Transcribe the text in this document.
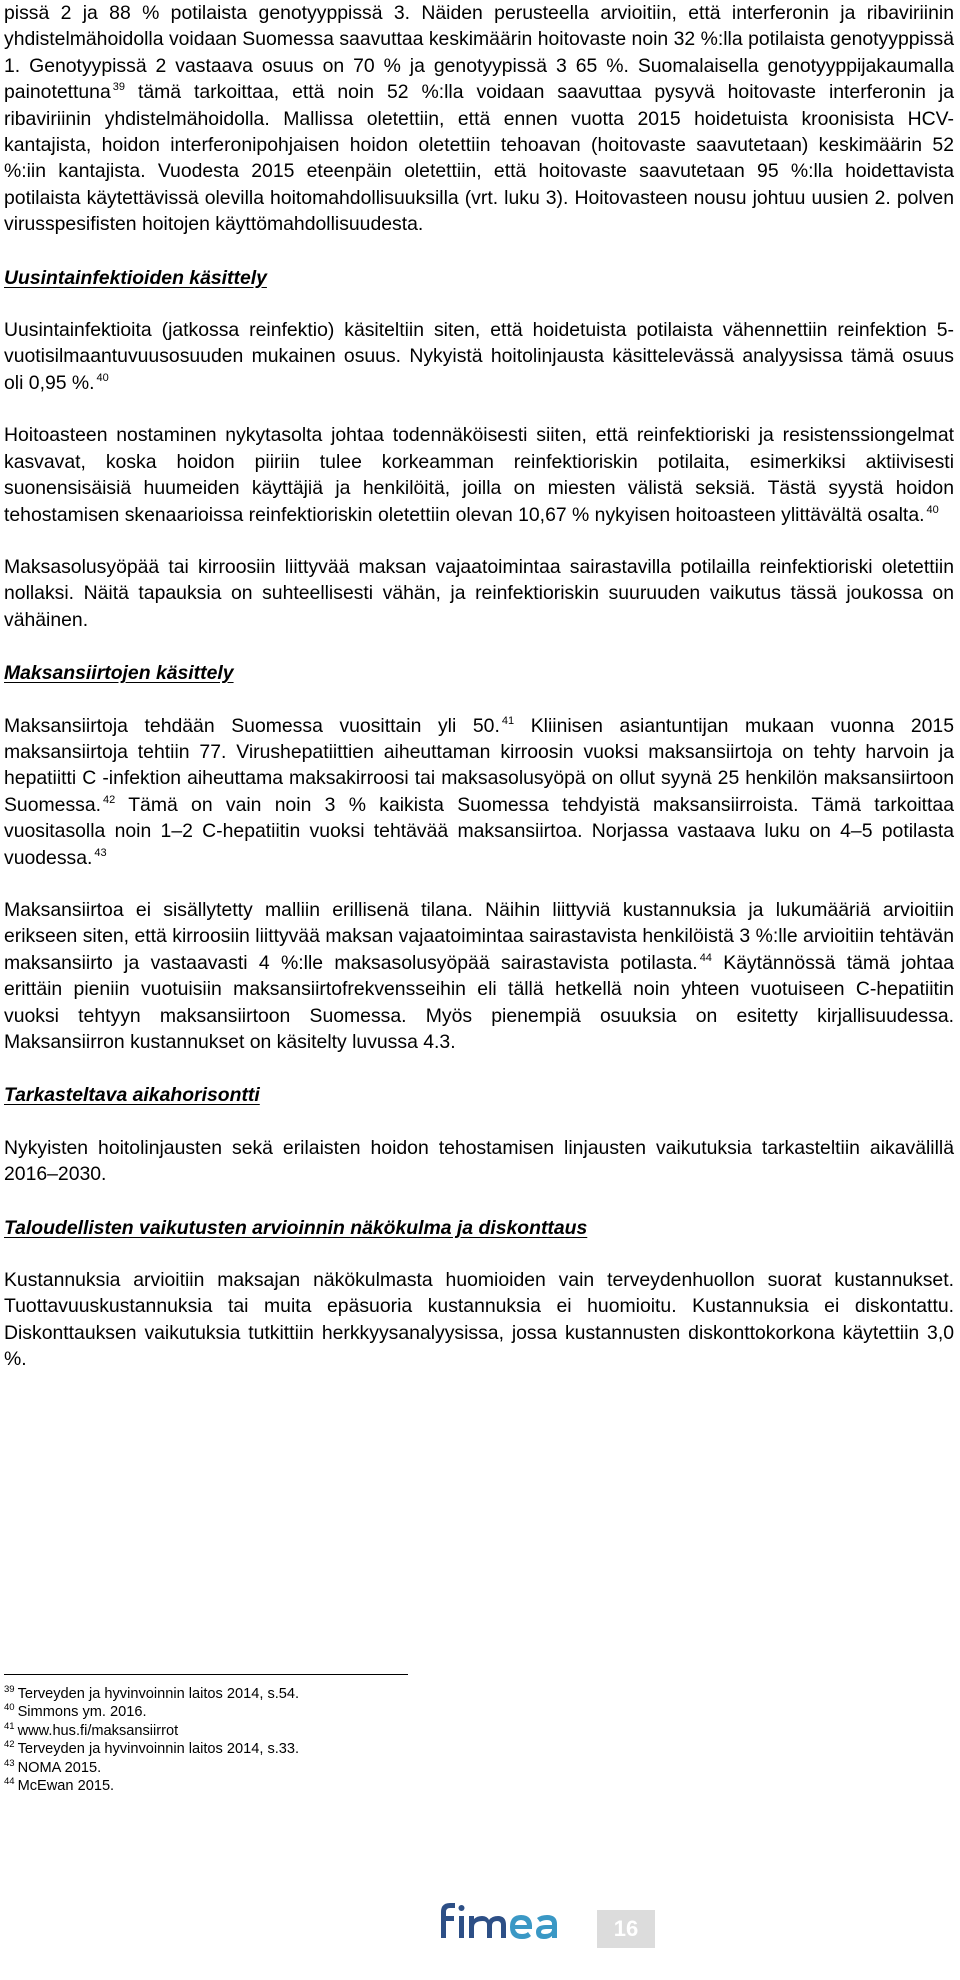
pissä 2 ja 88 % potilaista genotyyppissä 3. Näiden perusteella arvioitiin, että interferonin ja ribaviriinin yhdistelmähoidolla voidaan Suomessa saavuttaa keskimäärin hoitovaste noin 32 %:lla potilaista genotyyppissä 1. Genotyypissä 2 vastaava osuus on 70 % ja genotyypissä 3 65 %. Suomalaisella genotyyppijakaumalla painotettuna $^{39}$ tämä tarkoittaa, että noin 52 %:lla voidaan saavuttaa pysyvä hoitovaste interferonin ja ribaviriinin yhdistelmähoidolla. Mallissa oletettiin, että ennen vuotta 2015 hoidetuista kroonisista HCV-kantajista, hoidon interferonipohjaisen hoidon oletettiin tehoavan (hoitovaste saavutetaan) keskimäärin 52 %:iin kantajista. Vuodesta 2015 eteenpäin oletettiin, että hoitovaste saavutetaan 95 %:lla hoidettavista potilaista käytettävissä olevilla hoitomahdollisuuksilla (vrt. luku 3). Hoitovasteen nousu johtuu uusien 2. polven virusspesifisten hoitojen käyttömahdollisuudesta.

Uusintainfektioiden käsittely

Uusintainfektioita (jatkossa reinfektio) käsiteltiin siten, että hoidetuista potilaista vähennettiin reinfektion 5-vuotisilmaantuvuusosuuden mukainen osuus. Nykyistä hoitolinjausta käsittelevässä analyysissa tämä osuus oli 0,95 %. $^{40}$

Hoitoasteen nostaminen nykytasolta johtaa todennäköisesti siiten, että reinfektioriski ja resistenssiongelmat kasvavat, koska hoidon piiriin tulee korkeamman reinfektioriskin potilaita, esimerkiksi aktiivisesti suonensisäisiä huumeiden käyttäjiä ja henkilöitä, joilla on miesten välistä seksiä. Tästä syystä hoidon tehostamisen skenaarioissa reinfektioriskin oletettiin olevan 10,67 % nykyisen hoitoasteen ylittävältä osalta. $^{40}$

Maksasolusyöpää tai kirroosiin liittyvää maksan vajaatoimintaa sairastavilla potilailla reinfektioriski oletettiin nollaksi. Näitä tapauksia on suhteellisesti vähän, ja reinfektioriskin suuruuden vaikutus tässä joukossa on vähäinen.

Maksansiirtojen käsittely

Maksansiirtoja tehdään Suomessa vuosittain yli 50. $^{41}$ Kliinisen asiantuntijan mukaan vuonna 2015 maksansiirtoja tehtiin 77. Virushepatiittien aiheuttaman kirroosin vuoksi maksansiirtoja on tehty harvoin ja hepatiitti C -infektion aiheuttama maksakirroosi tai maksasolusyöpä on ollut syynä 25 henkilön maksansiirtoon Suomessa. $^{42}$ Tämä on vain noin 3 % kaikista Suomessa tehdyistä maksansiirroista. Tämä tarkoittaa vuositasolla noin 1–2 C-hepatiitin vuoksi tehtävää maksansiirtoa. Norjassa vastaava luku on 4–5 potilasta vuodessa. $^{43}$

Maksansiirtoa ei sisällytetty malliin erillisenä tilana. Näihin liittyviä kustannuksia ja lukumääriä arvioitiin erikseen siten, että kirroosiin liittyvää maksan vajaatoimintaa sairastavista henkilöistä 3 %:lle arvioitiin tehtävän maksansiirto ja vastaavasti 4 %:lle maksasolusyöpää sairastavista potilasta. $^{44}$ Käytännössä tämä johtaa erittäin pieniin vuotuisiin maksansiirtofrekvensseihin eli tällä hetkellä noin yhteen vuotuiseen C-hepatiitin vuoksi tehtyyn maksansiirtoon Suomessa. Myös pienempiä osuuksia on esitetty kirjallisuudessa. Maksansiirron kustannukset on käsitelty luvussa 4.3.

Tarkasteltava aikahorisontti

Nykyisten hoitolinjausten sekä erilaisten hoidon tehostamisen linjausten vaikutuksia tarkasteltiin aikavälillä 2016–2030.

Taloudellisten vaikutusten arvioinnin näkökulma ja diskonttaus

Kustannuksia arvioitiin maksajan näkökulmasta huomioiden vain terveydenhuollon suorat kustannukset. Tuottavuuskustannuksia tai muita epäsuoria kustannuksia ei huomioitu. Kustannuksia ei diskontattu. Diskonttauksen vaikutuksia tutkittiin herkkyysanalyysissa, jossa kustannusten diskonttokorkona käytettiin 3,0 %.

$^{39}$ Terveyden ja hyvinvoinnin laitos 2014, s.54.
$^{40}$ Simmons ym. 2016.
$^{41}$ www.hus.fi/maksansiirrot
$^{42}$ Terveyden ja hyvinvoinnin laitos 2014, s.33.
$^{43}$ NOMA 2015.
$^{44}$ McEwan 2015.
16
